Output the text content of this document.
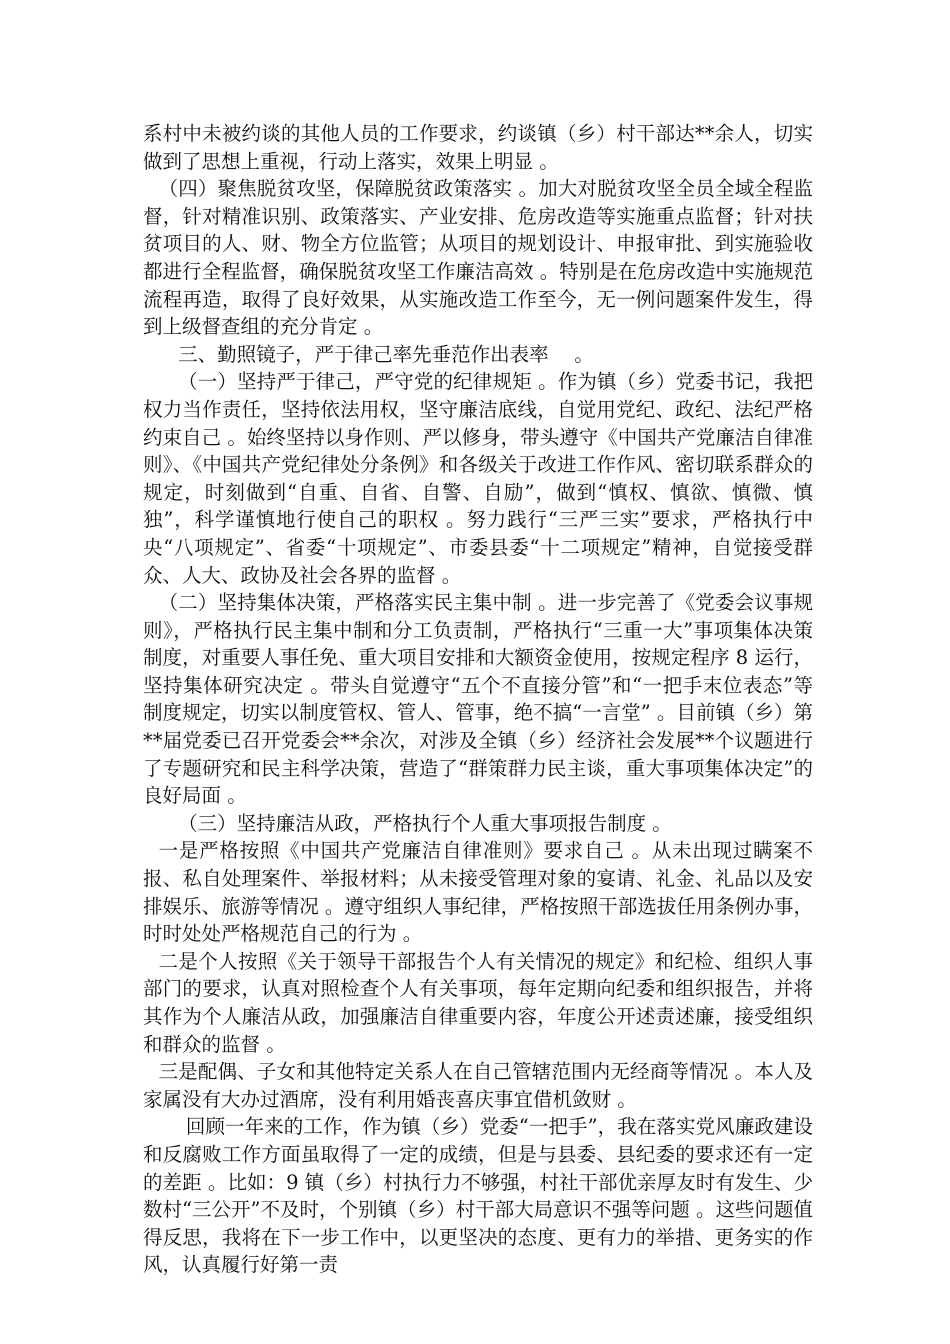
系村中未被约谈的其他人员的工作要求，约谈镇（乡）村干部达**余人，切实做到了思想上重视，行动上落实，效果上明显 。

（四）聚焦脱贫攻坚，保障脱贫政策落实 。加大对脱贫攻坚全员全域全程监督，针对精准识别、政策落实、产业安排、危房改造等实施重点监督；针对扶贫项目的人、财、物全方位监管；从项目的规划设计、申报审批、到实施验收都进行全程监督，确保脱贫攻坚工作廉洁高效 。特别是在危房改造中实施规范流程再造，取得了良好效果，从实施改造工作至今，无一例问题案件发生，得到上级督查组的充分肯定 。

三、勤照镜子，严于律己率先垂范作出表率　 。

（一）坚持严于律己，严守党的纪律规矩 。作为镇（乡）党委书记，我把权力当作责任，坚持依法用权，坚守廉洁底线，自觉用党纪、政纪、法纪严格约束自己 。始终坚持以身作则、严以修身，带头遵守《中国共产党廉洁自律准则》、《中国共产党纪律处分条例》和各级关于改进工作作风、密切联系群众的规定，时刻做到“自重、自省、自警、自励”，做到“慎权、慎欲、慎微、慎独”，科学谨慎地行使自己的职权 。努力践行“三严三实”要求，严格执行中央“八项规定”、省委“十项规定”、市委县委“十二项规定”精神，自觉接受群众、人大、政协及社会各界的监督 。

（二）坚持集体决策，严格落实民主集中制 。进一步完善了《党委会议事规则》，严格执行民主集中制和分工负责制，严格执行“三重一大”事项集体决策制度，对重要人事任免、重大项目安排和大额资金使用，按规定程序 8 运行，坚持集体研究决定 。带头自觉遵守“五个不直接分管”和“一把手末位表态”等制度规定，切实以制度管权、管人、管事，绝不搞“一言堂” 。目前镇（乡）第**届党委已召开党委会**余次，对涉及全镇（乡）经济社会发展**个议题进行了专题研究和民主科学决策，营造了“群策群力民主谈，重大事项集体决定”的良好局面 。

（三）坚持廉洁从政，严格执行个人重大事项报告制度 。

一是严格按照《中国共产党廉洁自律准则》要求自己 。从未出现过瞒案不报、私自处理案件、举报材料；从未接受管理对象的宴请、礼金、礼品以及安排娱乐、旅游等情况 。遵守组织人事纪律，严格按照干部选拔任用条例办事，时时处处严格规范自己的行为 。

二是个人按照《关于领导干部报告个人有关情况的规定》和纪检、组织人事部门的要求，认真对照检查个人有关事项，每年定期向纪委和组织报告，并将其作为个人廉洁从政，加强廉洁自律重要内容，年度公开述责述廉，接受组织和群众的监督 。

三是配偶、子女和其他特定关系人在自己管辖范围内无经商等情况 。本人及家属没有大办过酒席，没有利用婚丧喜庆事宜借机敛财 。

回顾一年来的工作，作为镇（乡）党委“一把手”，我在落实党风廉政建设和反腐败工作方面虽取得了一定的成绩，但是与县委、县纪委的要求还有一定的差距 。比如：9 镇（乡）村执行力不够强，村社干部优亲厚友时有发生、少数村“三公开”不及时，个别镇（乡）村干部大局意识不强等问题 。这些问题值得反思，我将在下一步工作中，以更坚决的态度、更有力的举措、更务实的作风，认真履行好第一责
